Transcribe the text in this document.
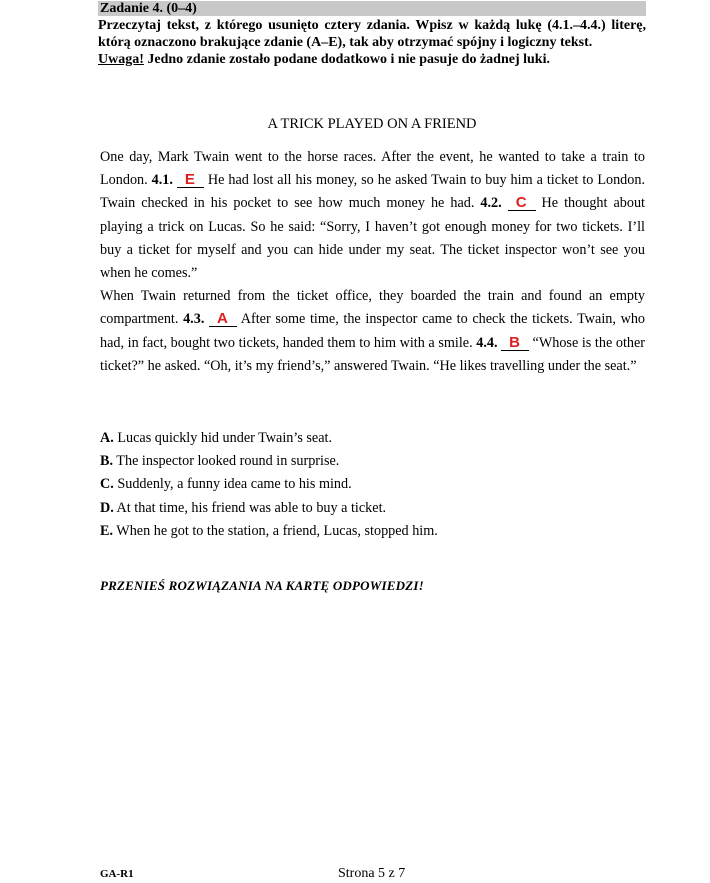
Zadanie 4. (0–4)
Przeczytaj tekst, z którego usunięto cztery zdania. Wpisz w każdą lukę (4.1.–4.4.) literę, którą oznaczono brakujące zdanie (A–E), tak aby otrzymać spójny i logiczny tekst.
Uwaga! Jedno zdanie zostało podane dodatkowo i nie pasuje do żadnej luki.
A TRICK PLAYED ON A FRIEND

One day, Mark Twain went to the horse races. After the event, he wanted to take a train to London. 4.1. E He had lost all his money, so he asked Twain to buy him a ticket to London. Twain checked in his pocket to see how much money he had. 4.2. C He thought about playing a trick on Lucas. So he said: “Sorry, I haven’t got enough money for two tickets. I’ll buy a ticket for myself and you can hide under my seat. The ticket inspector won’t see you when he comes.”

When Twain returned from the ticket office, they boarded the train and found an empty compartment. 4.3. A After some time, the inspector came to check the tickets. Twain, who had, in fact, bought two tickets, handed them to him with a smile. 4.4. B “Whose is the other ticket?” he asked. “Oh, it’s my friend’s,” answered Twain. “He likes travelling under the seat.”

A. Lucas quickly hid under Twain’s seat.
B. The inspector looked round in surprise.
C. Suddenly, a funny idea came to his mind.
D. At that time, his friend was able to buy a ticket.
E. When he got to the station, a friend, Lucas, stopped him.
PRZENIEŚ ROZWIĄZANIA NA KARTĘ ODPOWIEDZI!
GA-R1	Strona 5 z 7
